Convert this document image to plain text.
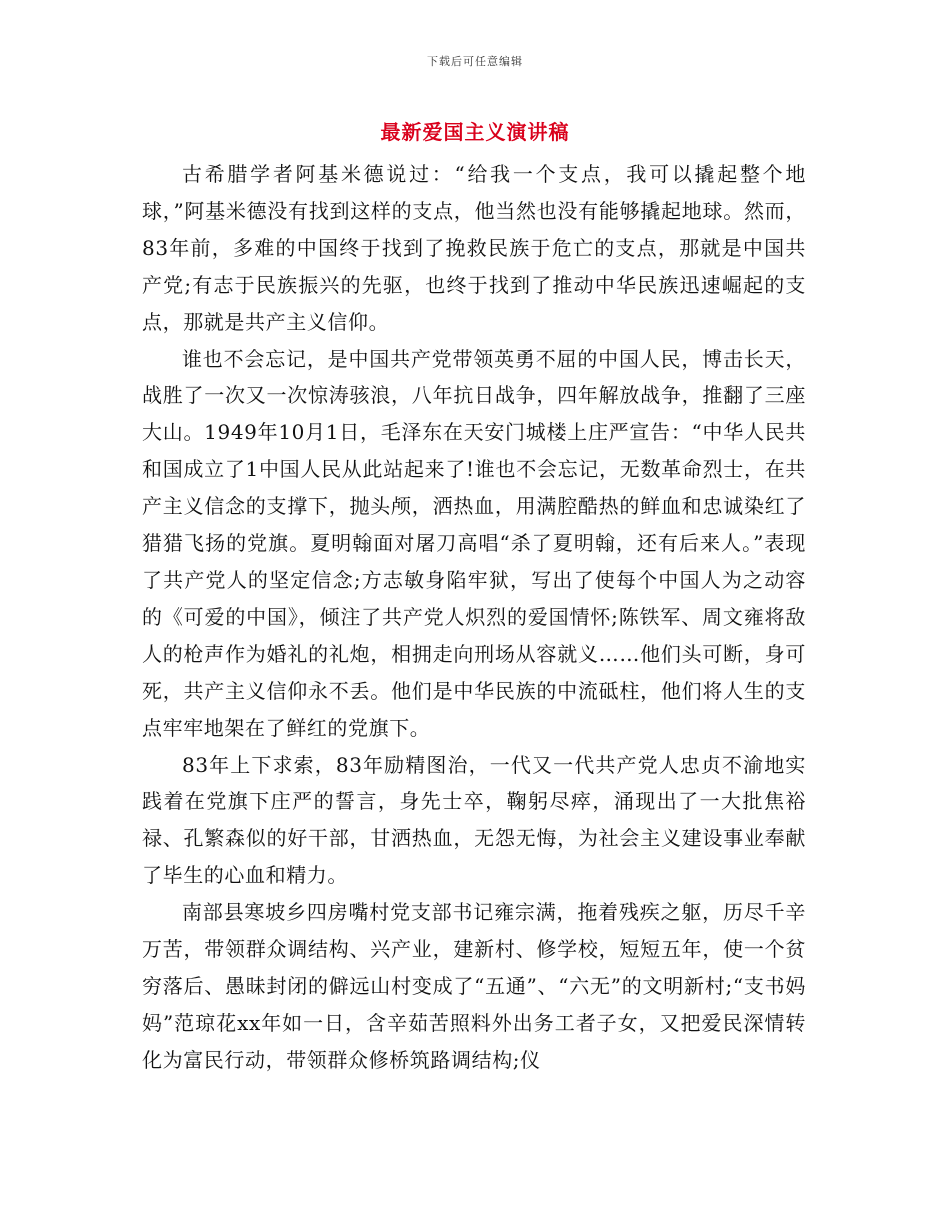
下载后可任意编辑
最新爱国主义演讲稿

古希腊学者阿基米德说过：“给我一个支点，我可以撬起整个地球，”阿基米德没有找到这样的支点，他当然也没有能够撬起地球。然而，83年前，多难的中国终于找到了挽救民族于危亡的支点，那就是中国共产党;有志于民族振兴的先驱，也终于找到了推动中华民族迅速崛起的支点，那就是共产主义信仰。

谁也不会忘记，是中国共产党带领英勇不屈的中国人民，博击长天，战胜了一次又一次惊涛骇浪，八年抗日战争，四年解放战争，推翻了三座大山。1949年10月1日，毛泽东在天安门城楼上庄严宣告：“中华人民共和国成立了1中国人民从此站起来了!谁也不会忘记，无数革命烈士，在共产主义信念的支撑下，抛头颅，洒热血，用满腔酷热的鲜血和忠诚染红了猎猎飞扬的党旗。夏明翰面对屠刀高唱“杀了夏明翰，还有后来人。”表现了共产党人的坚定信念;方志敏身陷牢狱，写出了使每个中国人为之动容的《可爱的中国》，倾注了共产党人炽烈的爱国情怀;陈铁军、周文雍将敌人的枪声作为婚礼的礼炮，相拥走向刑场从容就义……他们头可断，身可死，共产主义信仰永不丢。他们是中华民族的中流砥柱，他们将人生的支点牢牢地架在了鲜红的党旗下。

83年上下求索，83年励精图治，一代又一代共产党人忠贞不渝地实践着在党旗下庄严的誓言，身先士卒，鞠躬尽瘁，涌现出了一大批焦裕禄、孔繁森似的好干部，甘洒热血，无怨无悔，为社会主义建设事业奉献了毕生的心血和精力。

南部县寒坡乡四房嘴村党支部书记雍宗满，拖着残疾之躯，历尽千辛万苦，带领群众调结构、兴产业，建新村、修学校，短短五年，使一个贫穷落后、愚昧封闭的僻远山村变成了“五通”、“六无”的文明新村;“支书妈妈”范琼花xx年如一日，含辛茹苦照料外出务工者子女，又把爱民深情转化为富民行动，带领群众修桥筑路调结构;仪
